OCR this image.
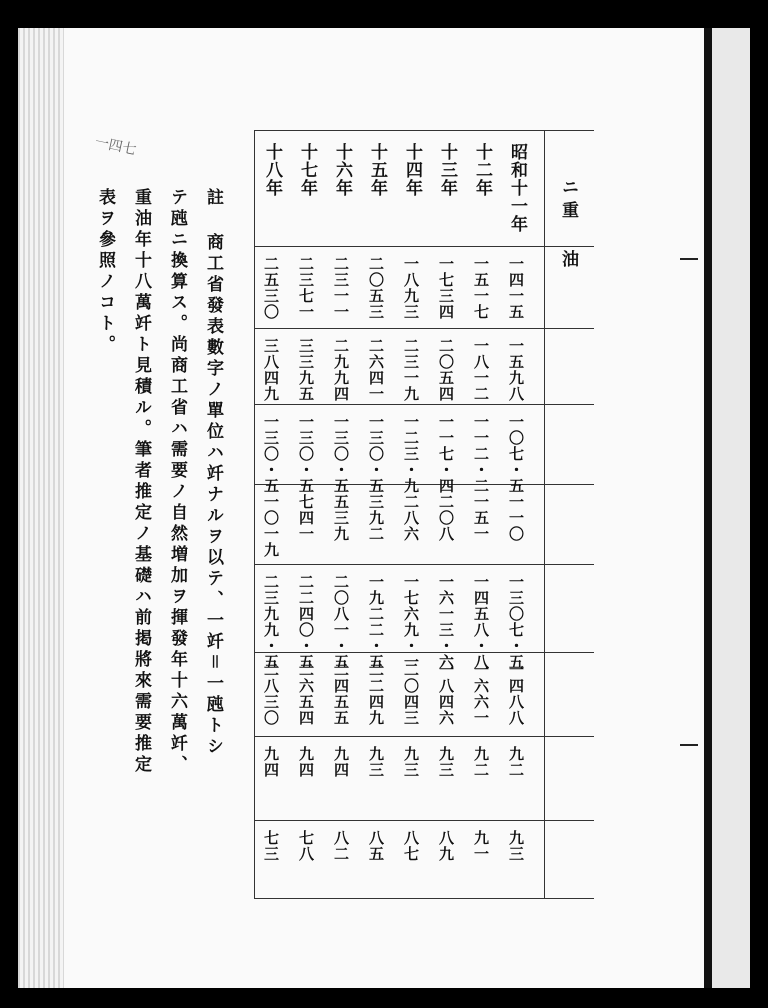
一四七
ニ重 油
昭和十一年
十二年
十三年
十四年
十五年
十六年
十七年
十八年
一四一五
一五一七
一七三四
一八九三
二〇五三
二三一一
二三七一
二五三〇
一五九八
一八一二
二〇五四
二三一九
二六四一
二九九四
三三九五
三八四九
一〇七・五
一一二・二
一一七・四
一二三・九
一三〇・五
一三〇・五
一三〇・五
一三〇・五
一一〇
一五一
二〇八
二八六
三九二
五三九
七四一
一〇一九
一三〇七・五
一四五八・八
一六一三・六
一七六九・一
一九二二・五
二〇八一・五
二二四〇・五
二三九九・五
一四八八
一六六一
一八四六
二〇四三
二二四九
二四五五
二六五四
二八三〇
九二
九二
九三
九三
九三
九四
九四
九四
九三
九一
八九
八七
八五
八二
七八
七三
註 商工省發表數字ノ單位ハ竏ナルヲ以テ、一竏＝一瓲トシ
テ瓲ニ換算ス。尚商工省ハ需要ノ自然増加ヲ揮發年十六萬竏、
重油年十八萬竏ト見積ル。筆者推定ノ基礎ハ前掲將來需要推定
表ヲ參照ノコト。
